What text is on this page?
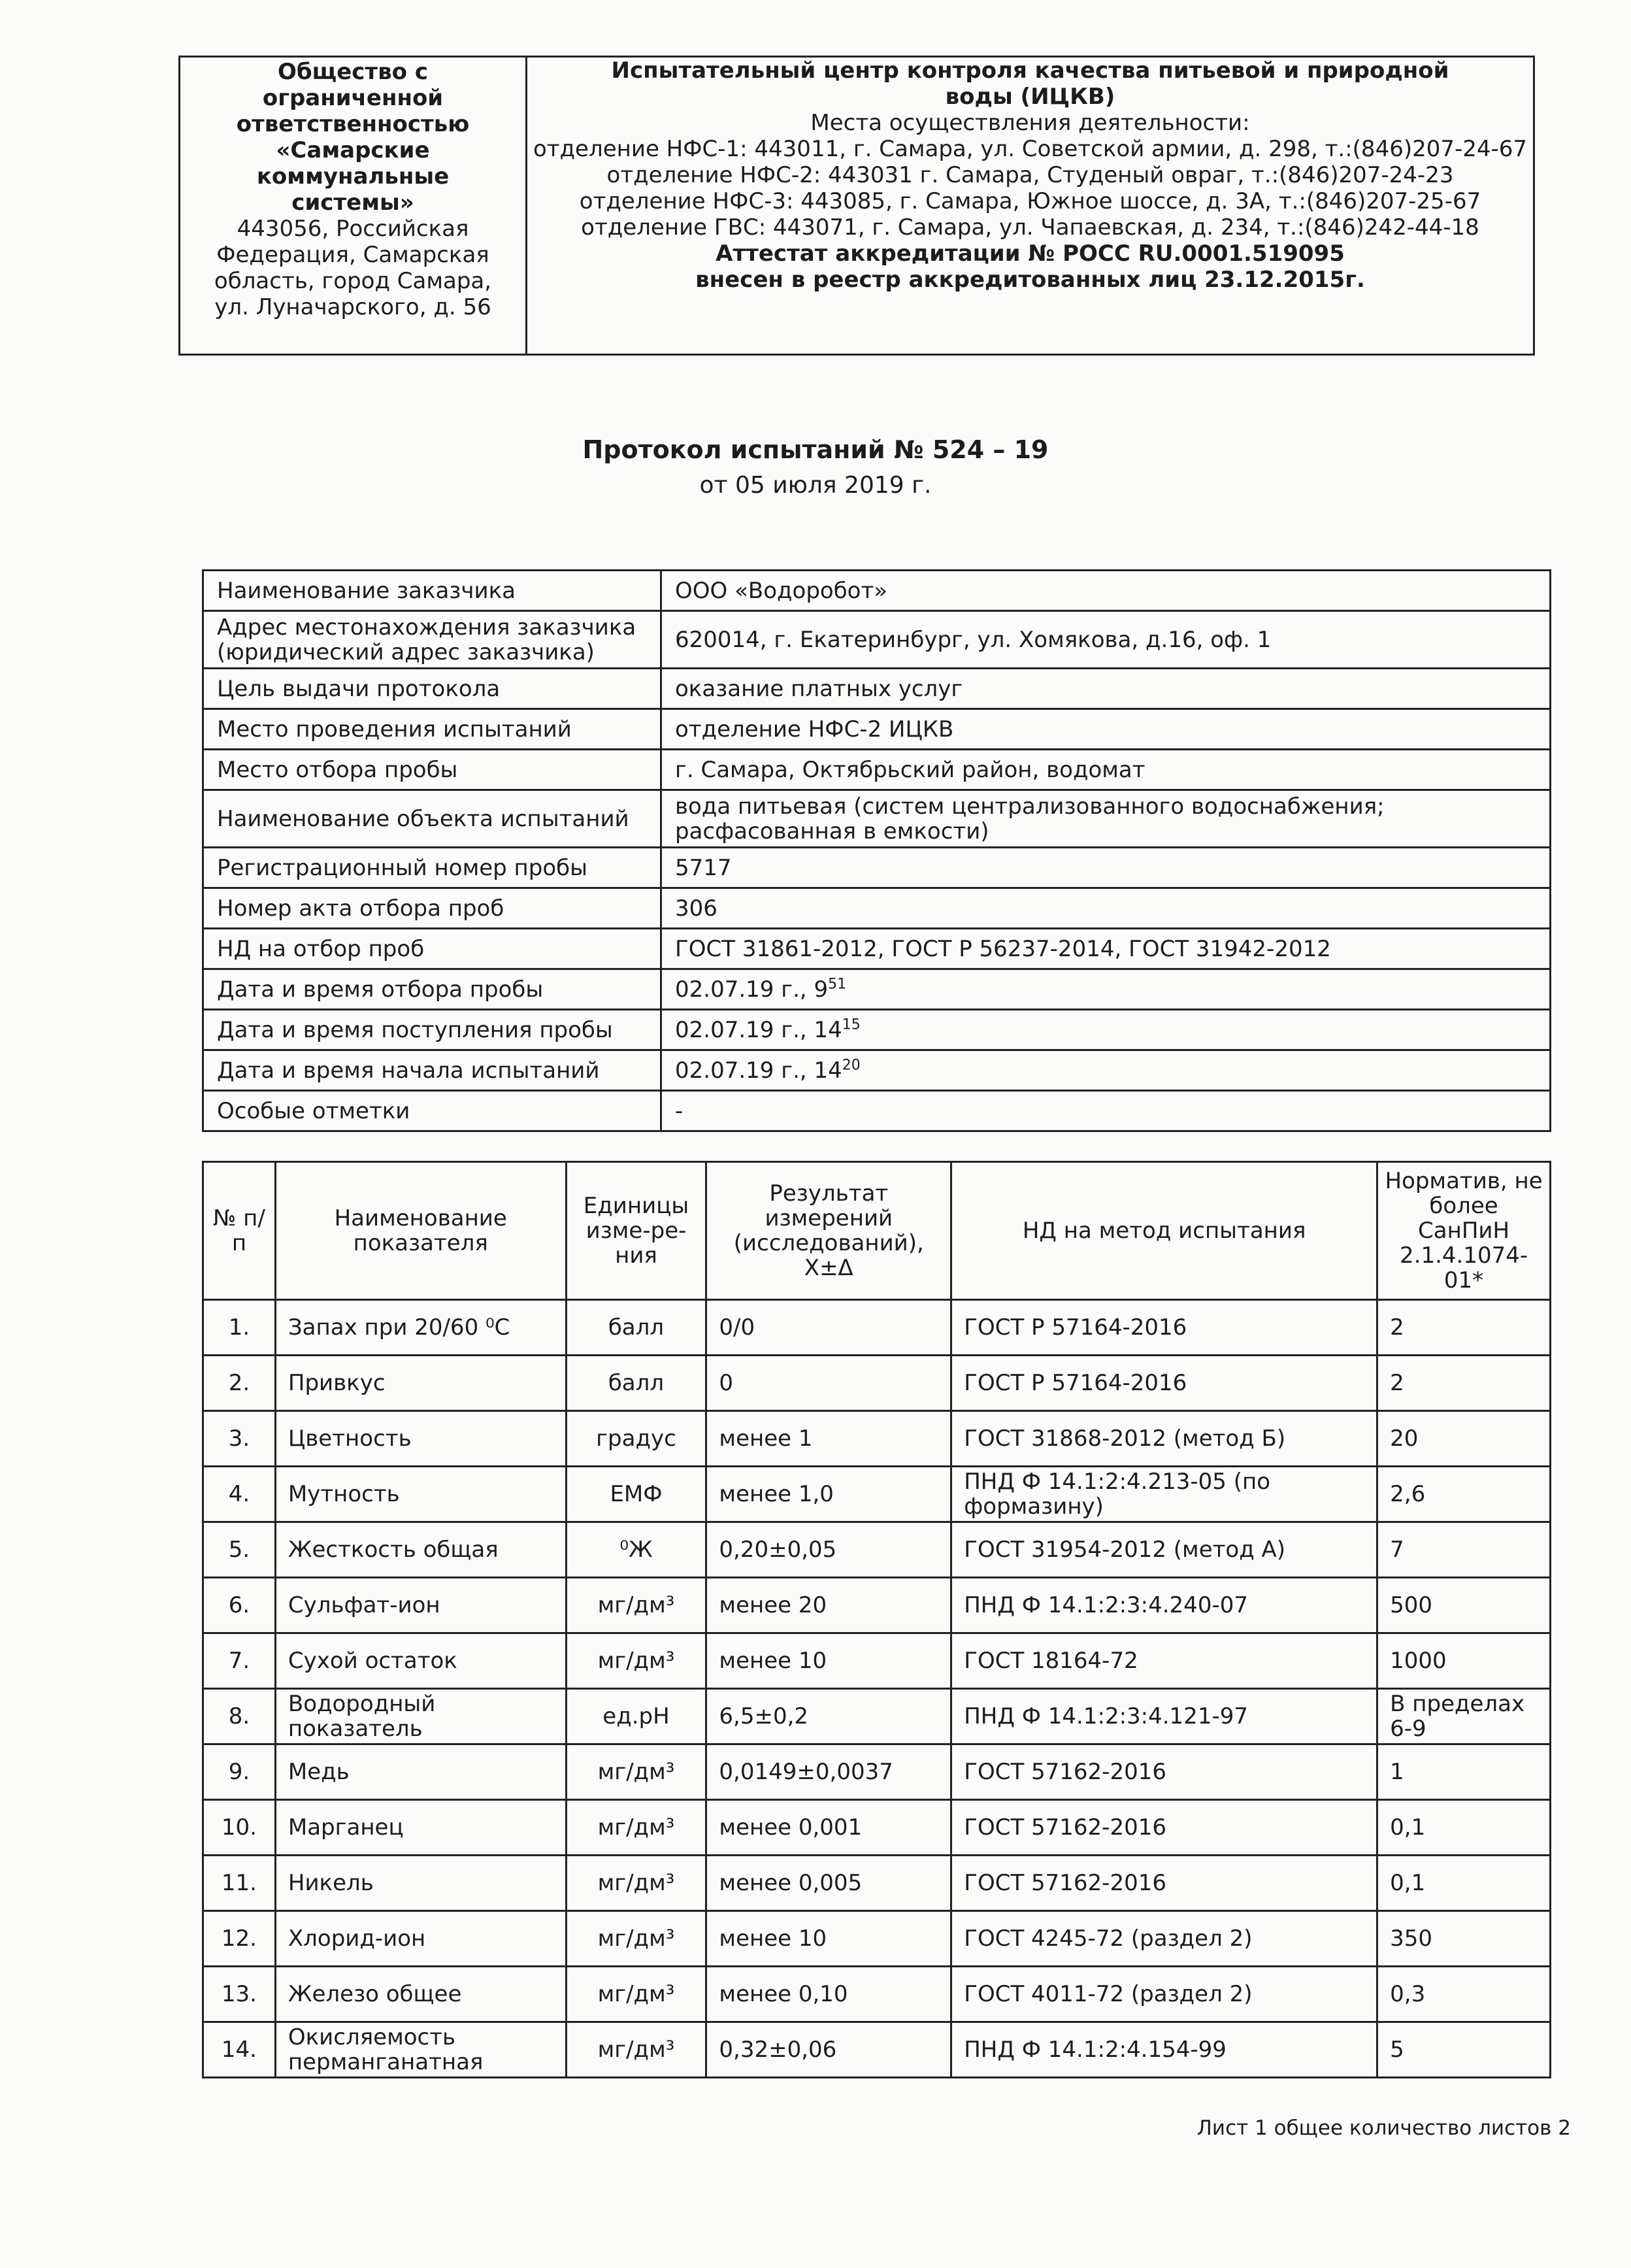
Общество с
ограниченной
ответственностью
«Самарские
коммунальные
системы»
443056, Российская
Федерация, Самарская
область, город Самара,
ул. Луначарского, д. 56

Испытательный центр контроля качества питьевой и природной
воды (ИЦКВ)
Места осуществления деятельности:
отделение НФС-1: 443011, г. Самара, ул. Советской армии, д. 298, т.:(846)207-24-67
отделение НФС-2: 443031 г. Самара, Студеный овраг, т.:(846)207-24-23
отделение НФС-3: 443085, г. Самара, Южное шоссе, д. 3А, т.:(846)207-25-67
отделение ГВС: 443071, г. Самара, ул. Чапаевская, д. 234, т.:(846)242-44-18
Аттестат аккредитации № РОСС RU.0001.519095
внесен в реестр аккредитованных лиц 23.12.2015г.
Протокол испытаний № 524 – 19
от 05 июля 2019 г.
Наименование заказчика	ООО «Водоробот»
Адрес местонахождения заказчика (юридический адрес заказчика)	620014, г. Екатеринбург, ул. Хомякова, д.16, оф. 1
Цель выдачи протокола	оказание платных услуг
Место проведения испытаний	отделение НФС-2 ИЦКВ
Место отбора пробы	г. Самара, Октябрьский район, водомат
Наименование объекта испытаний	вода питьевая (систем централизованного водоснабжения; расфасованная в емкости)
Регистрационный номер пробы	5717
Номер акта отбора проб	306
НД на отбор проб	ГОСТ 31861-2012, ГОСТ Р 56237-2014, ГОСТ 31942-2012
Дата и время отбора пробы	02.07.19 г., $9^{51}$
Дата и время поступления пробы	02.07.19 г., $14^{15}$
Дата и время начала испытаний	02.07.19 г., $14^{20}$
Особые отметки	-
№ п/п	Наименование показателя	Единицы изме-ре-ния	Результат измерений (исследований), Х±Δ	НД на метод испытания	Норматив, не более СанПиН 2.1.4.1074-01*
1.	Запах при 20/60 ⁰С	балл	0/0	ГОСТ Р 57164-2016	2
2.	Привкус	балл	0	ГОСТ Р 57164-2016	2
3.	Цветность	градус	менее 1	ГОСТ 31868-2012 (метод Б)	20
4.	Мутность	ЕМФ	менее 1,0	ПНД Ф 14.1:2:4.213-05 (по формазину)	2,6
5.	Жесткость общая	⁰Ж	0,20±0,05	ГОСТ 31954-2012 (метод А)	7
6.	Сульфат-ион	мг/дм³	менее 20	ПНД Ф 14.1:2:3:4.240-07	500
7.	Сухой остаток	мг/дм³	менее 10	ГОСТ 18164-72	1000
8.	Водородный показатель	ед.рН	6,5±0,2	ПНД Ф 14.1:2:3:4.121-97	В пределах 6-9
9.	Медь	мг/дм³	0,0149±0,0037	ГОСТ 57162-2016	1
10.	Марганец	мг/дм³	менее 0,001	ГОСТ 57162-2016	0,1
11.	Никель	мг/дм³	менее 0,005	ГОСТ 57162-2016	0,1
12.	Хлорид-ион	мг/дм³	менее 10	ГОСТ 4245-72 (раздел 2)	350
13.	Железо общее	мг/дм³	менее 0,10	ГОСТ 4011-72 (раздел 2)	0,3
14.	Окисляемость перманганатная	мг/дм³	0,32±0,06	ПНД Ф 14.1:2:4.154-99	5
Лист 1 общее количество листов 2
